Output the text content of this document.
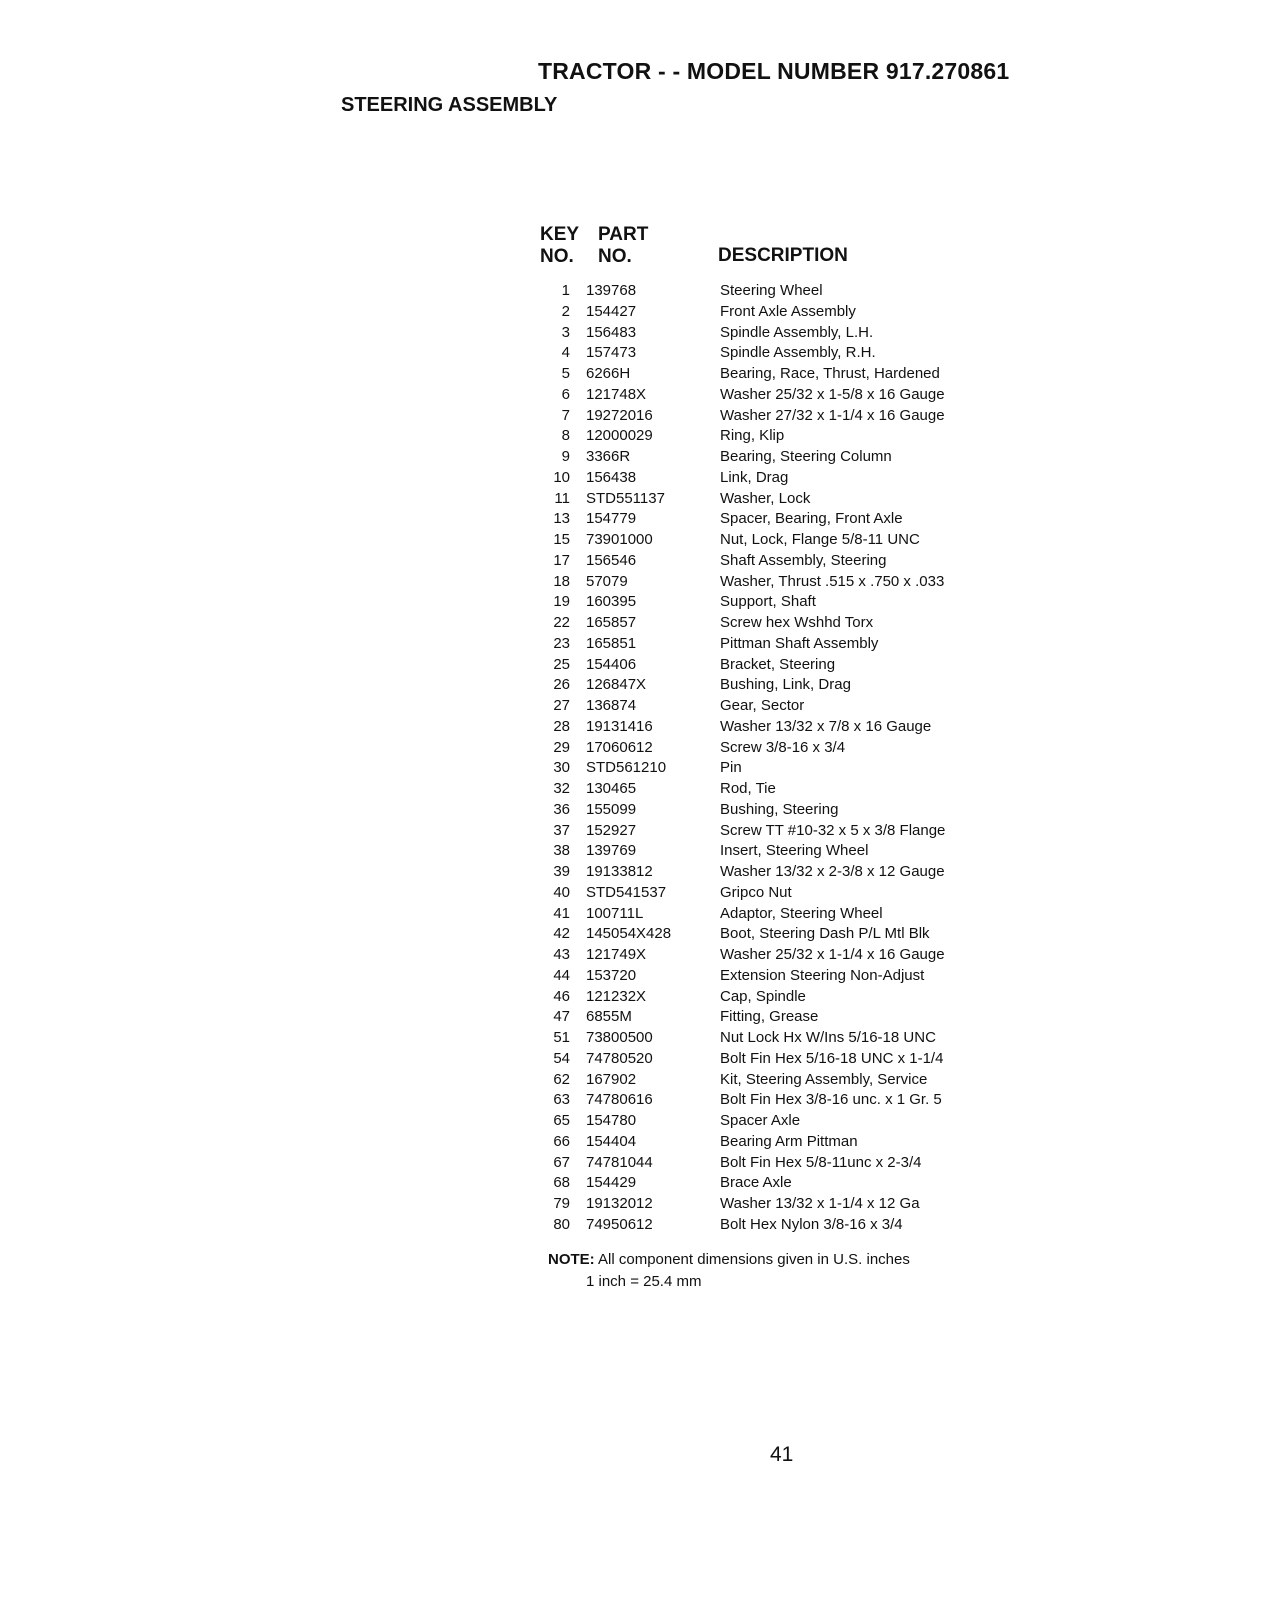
TRACTOR - - MODEL NUMBER 917.270861
STEERING ASSEMBLY
KEY
NO.
PART
NO.	DESCRIPTION
1	139768	Steering Wheel
2	154427	Front Axle Assembly
3	156483	Spindle Assembly, L.H.
4	157473	Spindle Assembly, R.H.
5	6266H	Bearing, Race, Thrust, Hardened
6	121748X	Washer 25/32 x 1-5/8 x 16 Gauge
7	19272016	Washer 27/32 x 1-1/4 x 16 Gauge
8	12000029	Ring, Klip
9	3366R	Bearing, Steering Column
10	156438	Link, Drag
11	STD551137	Washer, Lock
13	154779	Spacer, Bearing, Front Axle
15	73901000	Nut, Lock, Flange 5/8-11 UNC
17	156546	Shaft Assembly, Steering
18	57079	Washer, Thrust .515 x .750 x .033
19	160395	Support, Shaft
22	165857	Screw hex Wshhd Torx
23	165851	Pittman Shaft Assembly
25	154406	Bracket, Steering
26	126847X	Bushing, Link, Drag
27	136874	Gear, Sector
28	19131416	Washer 13/32 x 7/8 x 16 Gauge
29	17060612	Screw 3/8-16 x 3/4
30	STD561210	Pin
32	130465	Rod, Tie
36	155099	Bushing, Steering
37	152927	Screw TT #10-32 x 5 x 3/8 Flange
38	139769	Insert, Steering Wheel
39	19133812	Washer 13/32 x 2-3/8 x 12 Gauge
40	STD541537	Gripco Nut
41	100711L	Adaptor, Steering Wheel
42	145054X428	Boot, Steering Dash P/L Mtl Blk
43	121749X	Washer 25/32 x 1-1/4 x 16 Gauge
44	153720	Extension Steering Non-Adjust
46	121232X	Cap, Spindle
47	6855M	Fitting, Grease
51	73800500	Nut Lock Hx W/Ins 5/16-18 UNC
54	74780520	Bolt Fin Hex 5/16-18 UNC x 1-1/4
62	167902	Kit, Steering Assembly, Service
63	74780616	Bolt Fin Hex 3/8-16 unc. x 1 Gr. 5
65	154780	Spacer Axle
66	154404	Bearing Arm Pittman
67	74781044	Bolt Fin Hex 5/8-11unc x 2-3/4
68	154429	Brace Axle
79	19132012	Washer 13/32 x 1-1/4 x 12 Ga
80	74950612	Bolt Hex Nylon 3/8-16 x 3/4
NOTE: All component dimensions given in U.S. inches
1 inch = 25.4 mm
41
